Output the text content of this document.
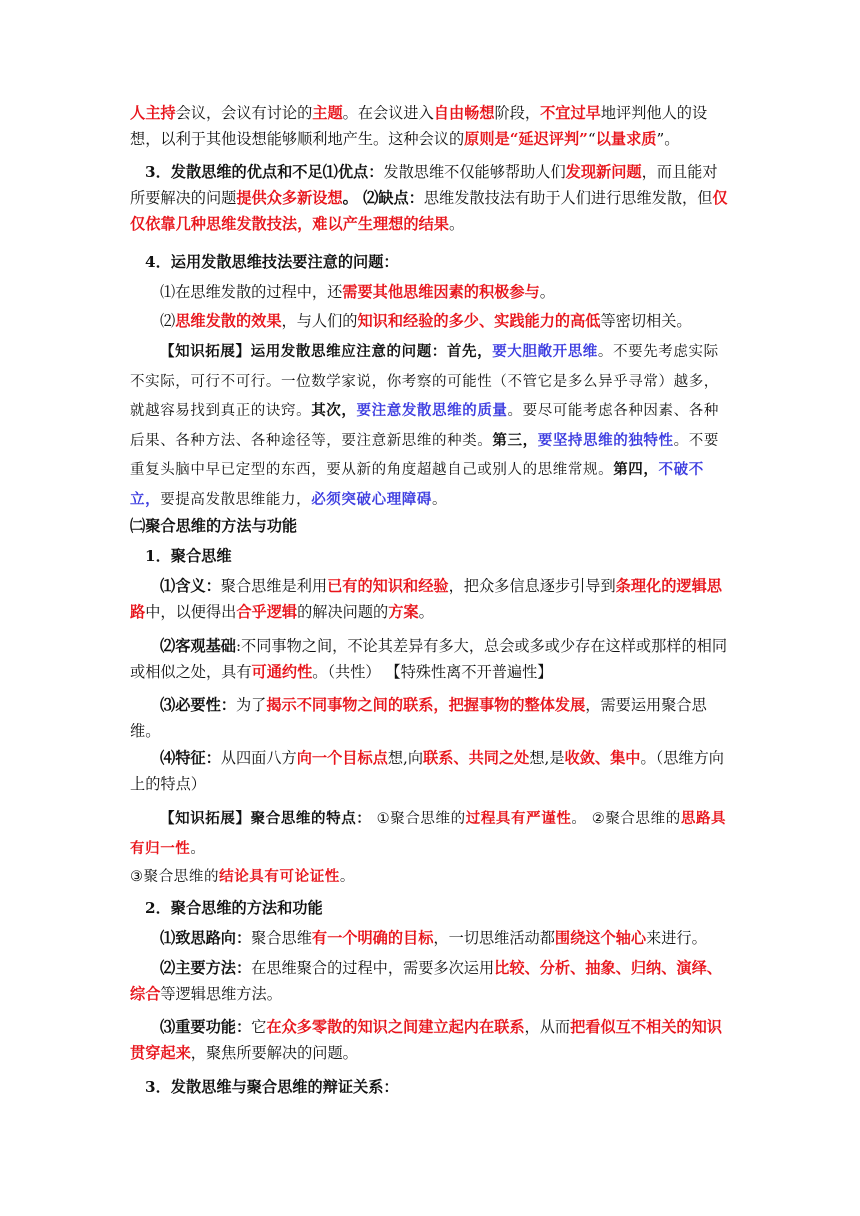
人主持会议，会议有讨论的主题。在会议进入自由畅想阶段，不宜过早地评判他人的设想，以利于其他设想能够顺利地产生。这种会议的原则是“延迟评判”“以量求质”。

3．发散思维的优点和不足⑴优点：发散思维不仅能够帮助人们发现新问题，而且能对所要解决的问题提供众多新设想。 ⑵缺点：思维发散技法有助于人们进行思维发散，但仅仅依靠几种思维发散技法，难以产生理想的结果。

4．运用发散思维技法要注意的问题：

⑴在思维发散的过程中，还需要其他思维因素的积极参与。

⑵思维发散的效果，与人们的知识和经验的多少、实践能力的高低等密切相关。

【知识拓展】运用发散思维应注意的问题：首先，要大胆敞开思维。不要先考虑实际不实际，可行不可行。一位数学家说，你考察的可能性（不管它是多么异乎寻常）越多，就越容易找到真正的诀窍。其次，要注意发散思维的质量。要尽可能考虑各种因素、各种后果、各种方法、各种途径等，要注意新思维的种类。第三，要坚持思维的独特性。不要重复头脑中早已定型的东西，要从新的角度超越自己或别人的思维常规。第四，不破不立，要提高发散思维能力，必须突破心理障碍。

㈡聚合思维的方法与功能

1．聚合思维

⑴含义：聚合思维是利用已有的知识和经验，把众多信息逐步引导到条理化的逻辑思路中，以便得出合乎逻辑的解决问题的方案。

⑵客观基础:不同事物之间，不论其差异有多大，总会或多或少存在这样或那样的相同或相似之处，具有可通约性。（共性） 【特殊性离不开普遍性】

⑶必要性：为了揭示不同事物之间的联系，把握事物的整体发展，需要运用聚合思维。

⑷特征：从四面八方向一个目标点想,向联系、共同之处想,是收敛、集中。（思维方向上的特点）

【知识拓展】聚合思维的特点： ①聚合思维的过程具有严谨性。 ②聚合思维的思路具有归一性。

③聚合思维的结论具有可论证性。

2．聚合思维的方法和功能

⑴致思路向：聚合思维有一个明确的目标，一切思维活动都围绕这个轴心来进行。

⑵主要方法：在思维聚合的过程中，需要多次运用比较、分析、抽象、归纳、演绎、综合等逻辑思维方法。

⑶重要功能：它在众多零散的知识之间建立起内在联系，从而把看似互不相关的知识贯穿起来，聚焦所要解决的问题。

3．发散思维与聚合思维的辩证关系：
